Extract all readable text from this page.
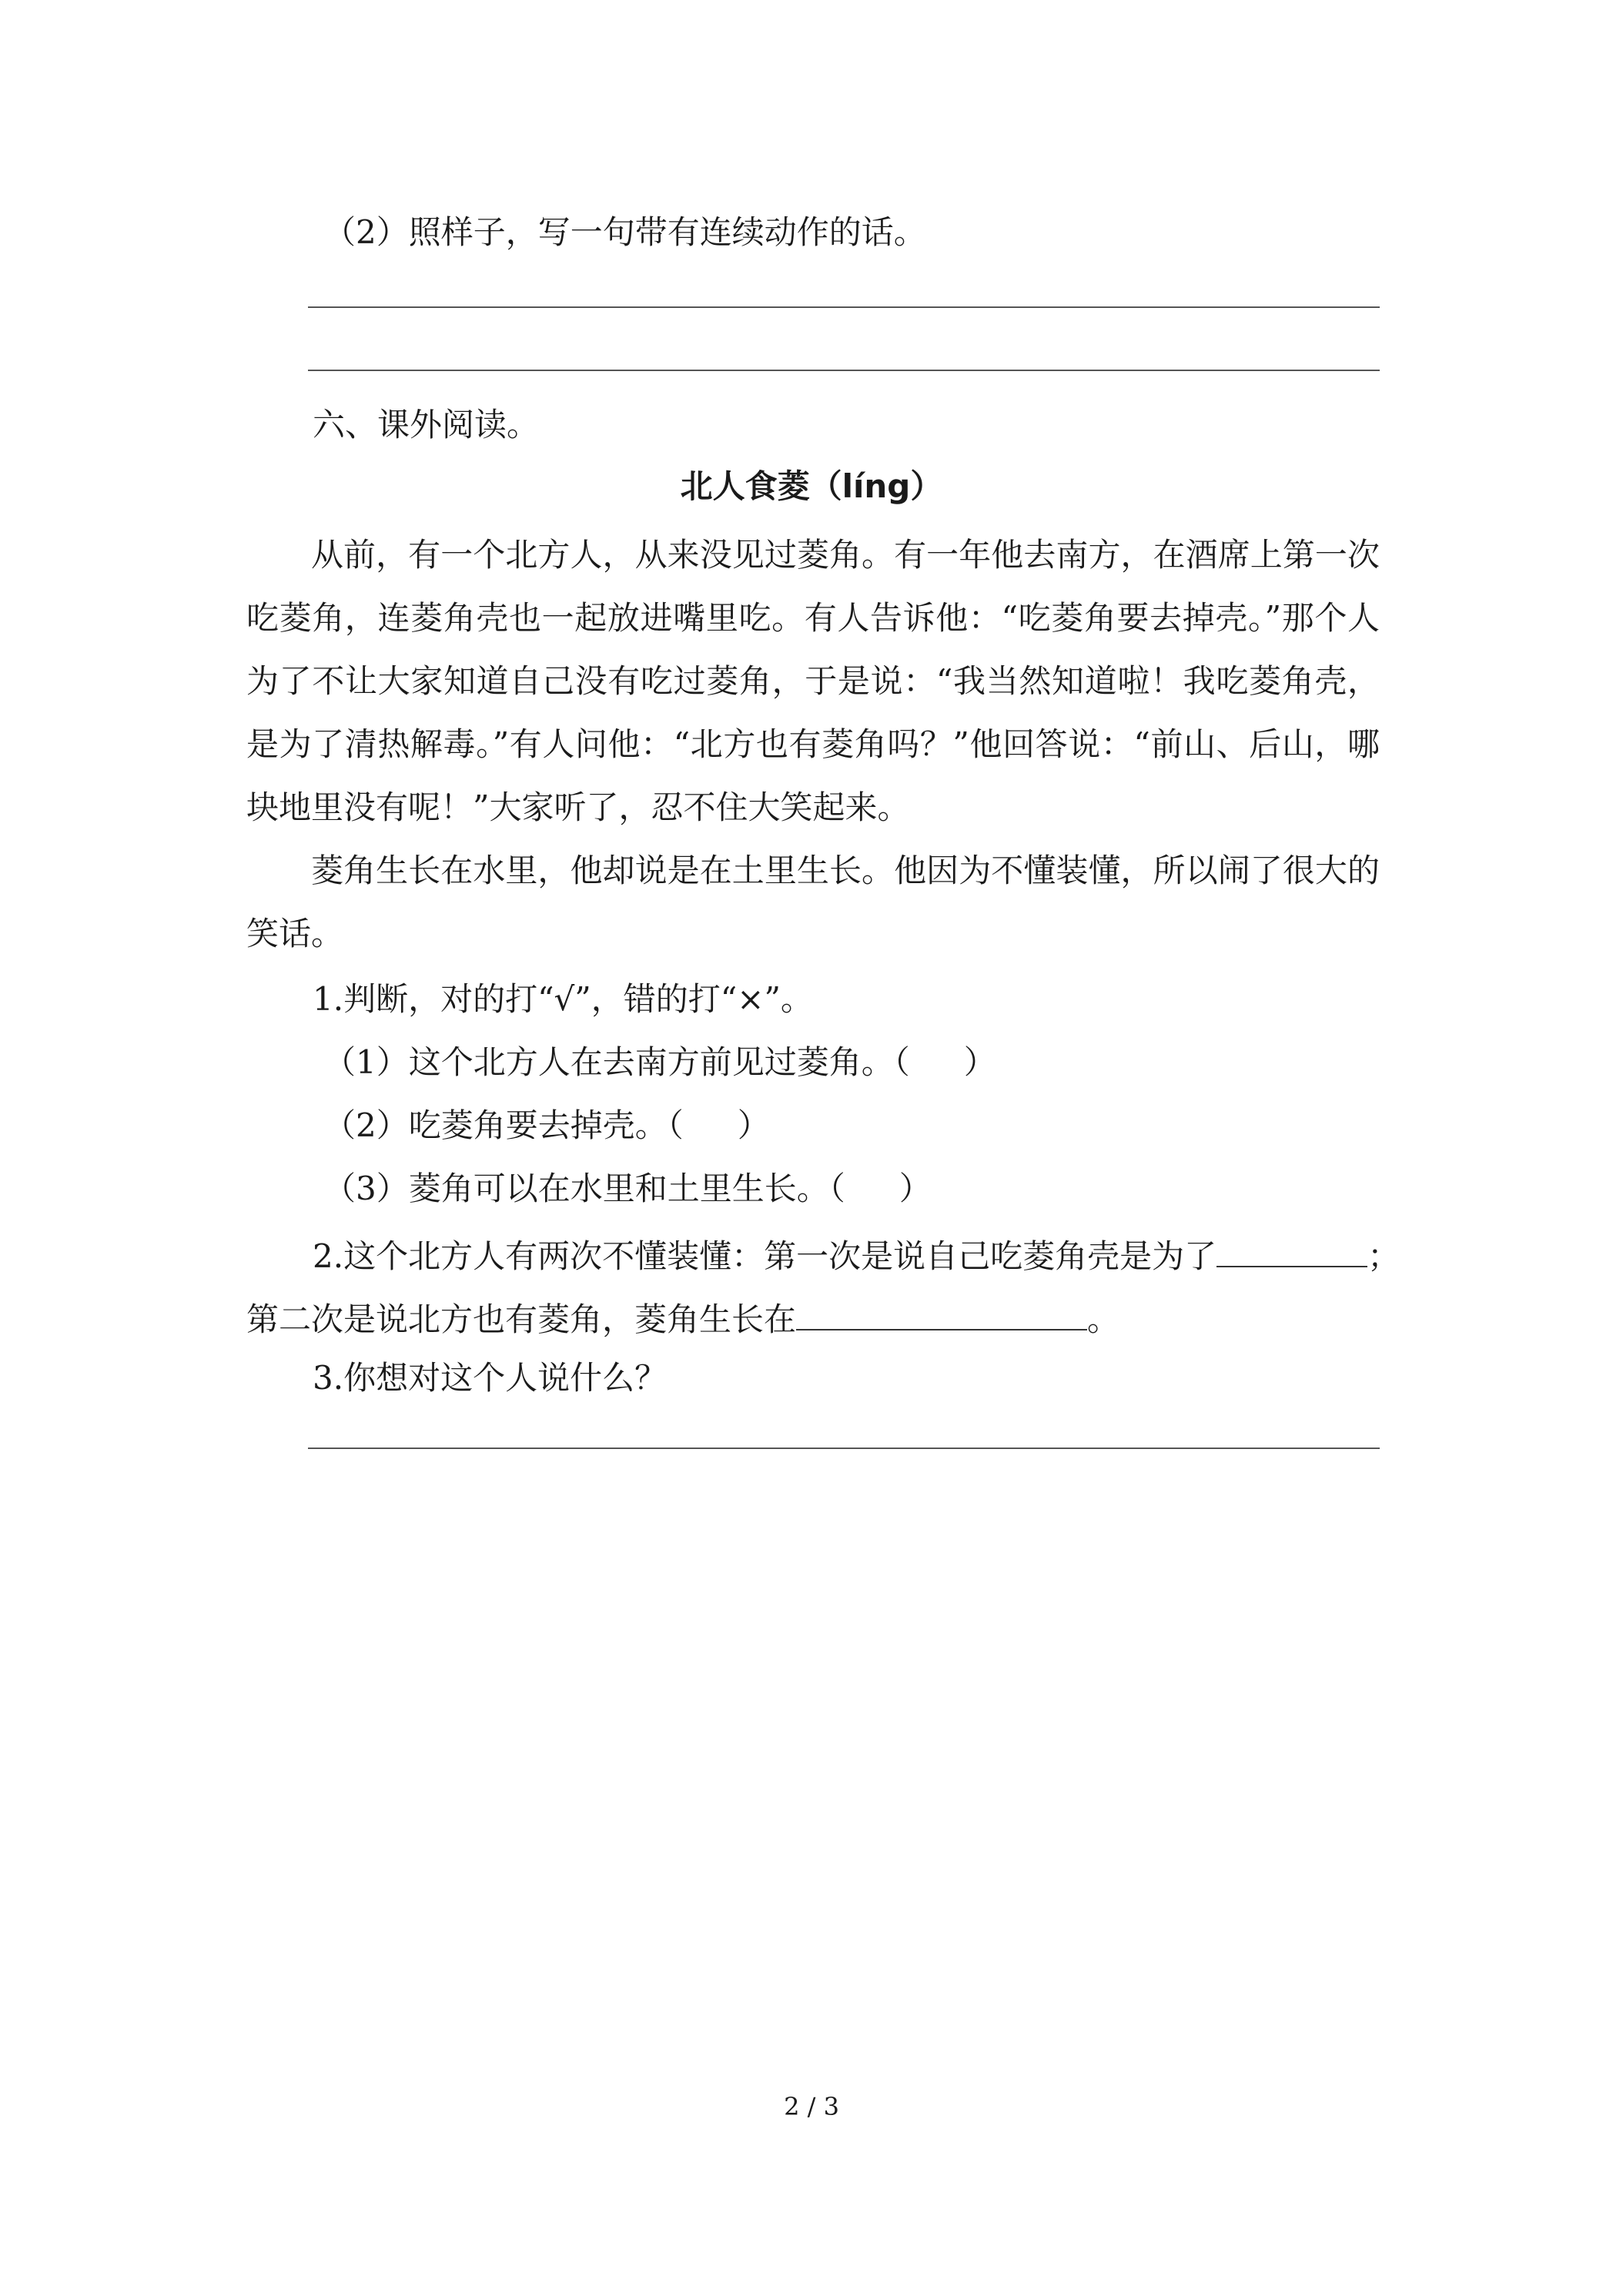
（2）照样子，写一句带有连续动作的话。
六、课外阅读。
北人食菱（líng）

从前，有一个北方人，从来没见过菱角。有一年他去南方，在酒席上第一次吃菱角，连菱角壳也一起放进嘴里吃。有人告诉他：“吃菱角要去掉壳。”那个人为了不让大家知道自己没有吃过菱角，于是说：“我当然知道啦！我吃菱角壳，是为了清热解毒。”有人问他：“北方也有菱角吗？”他回答说：“前山、后山，哪块地里没有呢！”大家听了，忍不住大笑起来。

菱角生长在水里，他却说是在土里生长。他因为不懂装懂，所以闹了很大的笑话。

1.判断，对的打“√”，错的打“×”。
（1）这个北方人在去南方前见过菱角。（ ）
（2）吃菱角要去掉壳。（ ）
（3）菱角可以在水里和土里生长。（ ）
2.这个北方人有两次不懂装懂：第一次是说自己吃菱角壳是为了	；
第二次是说北方也有菱角，菱角生长在	。
3.你想对这个人说什么？
2 / 3
